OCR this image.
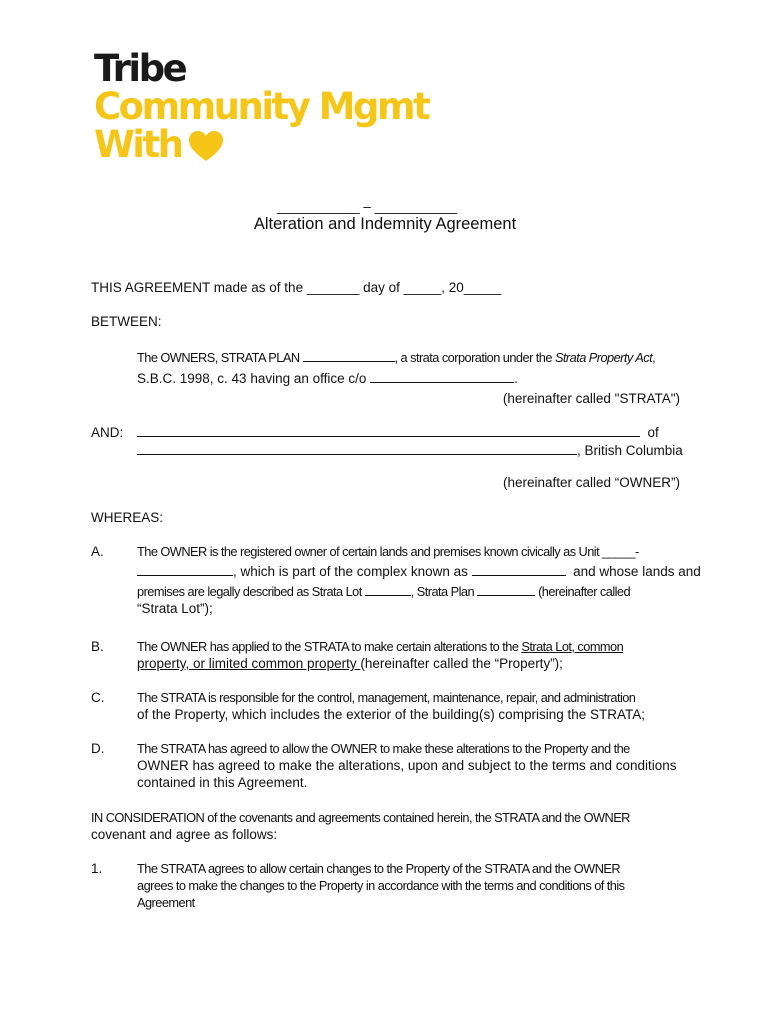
Tribe
Community Mgmt
With
___________ – ___________
Alteration and Indemnity Agreement
THIS AGREEMENT made as of the _______ day of _____, 20_____
BETWEEN:
The OWNERS, STRATA PLAN	, a strata corporation under the Strata Property Act,
S.B.C. 1998, c. 43 having an office c/o	.
(hereinafter called "STRATA")
AND:	of
, British Columbia
(hereinafter called “OWNER”)
WHEREAS:
A.	The OWNER is the registered owner of certain lands and premises known civically as Unit _____-
, which is part of the complex known as	and whose lands and
premises are legally described as Strata Lot	, Strata Plan	(hereinafter called
“Strata Lot”);
B.	The OWNER has applied to the STRATA to make certain alterations to the Strata Lot, common
property, or limited common property (hereinafter called the “Property”);
C.	The STRATA is responsible for the control, management, maintenance, repair, and administration
of the Property, which includes the exterior of the building(s) comprising the STRATA;
D.	The STRATA has agreed to allow the OWNER to make these alterations to the Property and the
OWNER has agreed to make the alterations, upon and subject to the terms and conditions
contained in this Agreement.
IN CONSIDERATION of the covenants and agreements contained herein, the STRATA and the OWNER
covenant and agree as follows:
1.	The STRATA agrees to allow certain changes to the Property of the STRATA and the OWNER
agrees to make the changes to the Property in accordance with the terms and conditions of this
Agreement
